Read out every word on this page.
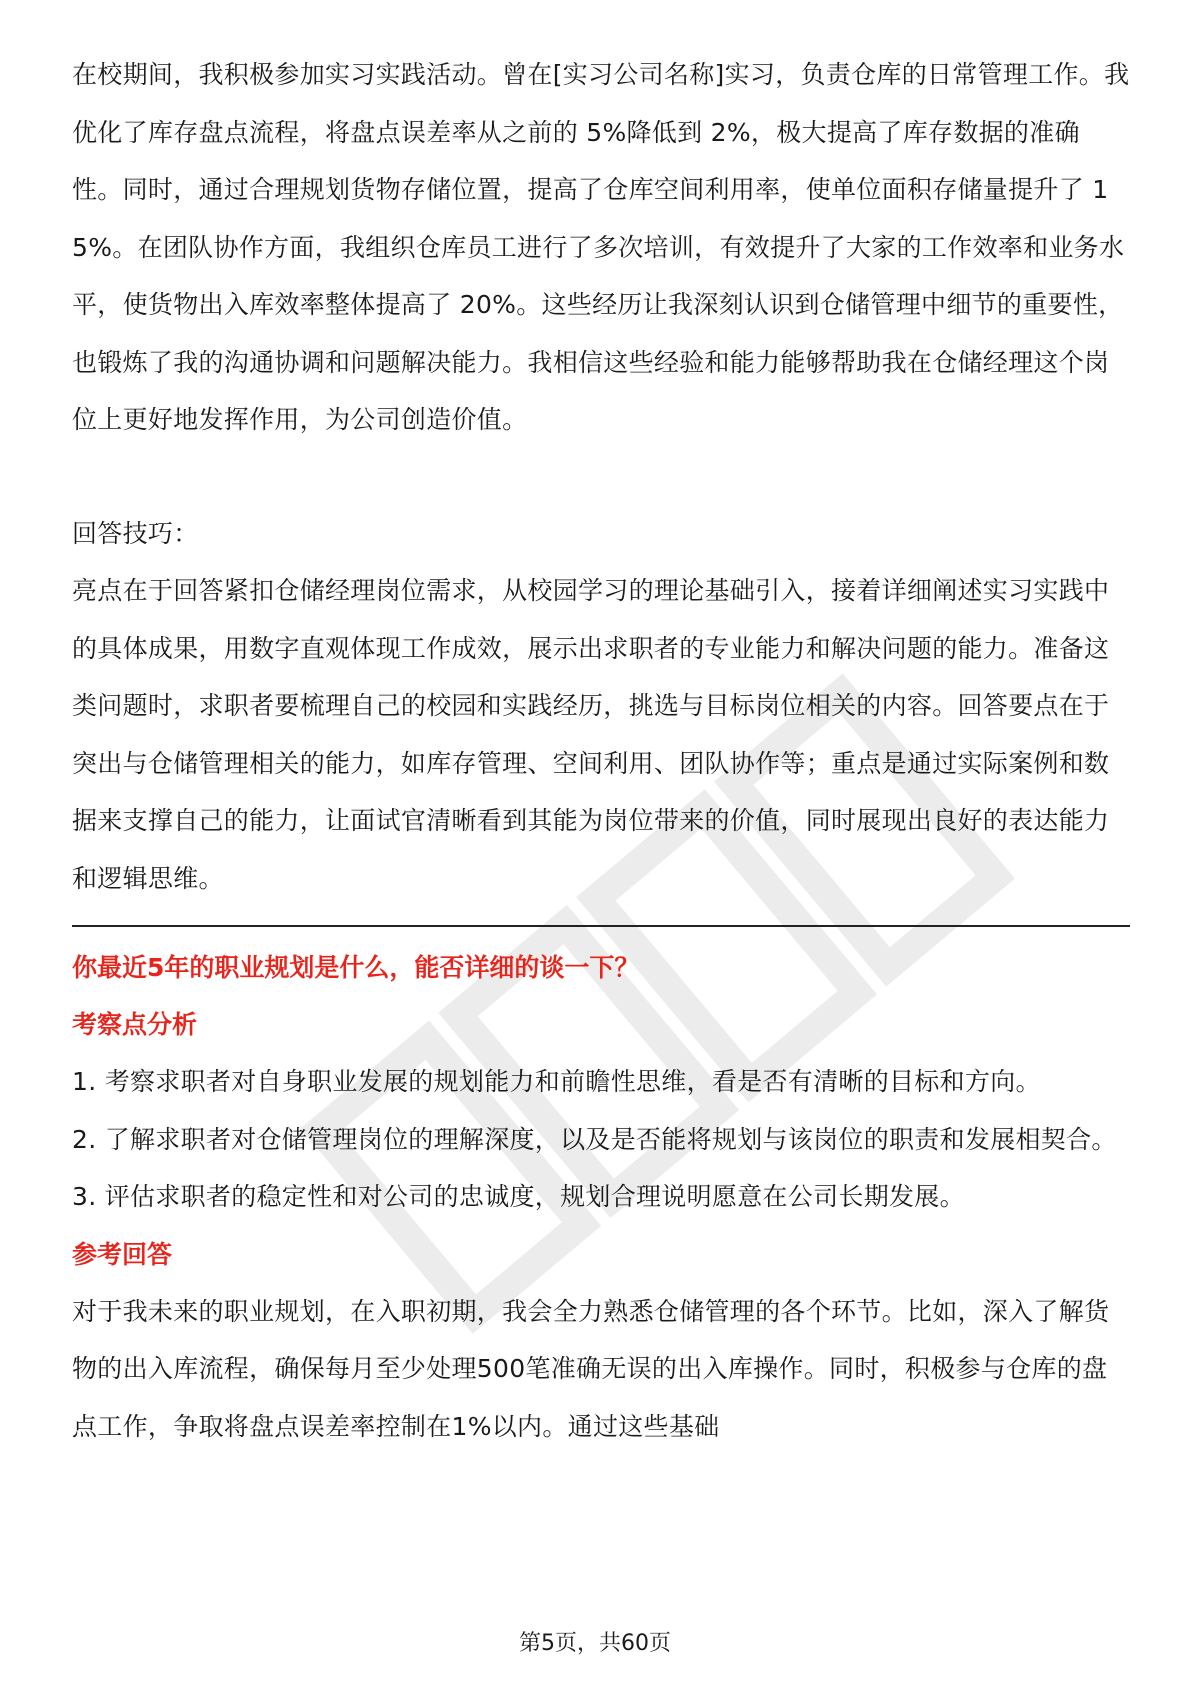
在校期间，我积极参加实习实践活动。曾在[实习公司名称]实习，负责仓库的日常管理工作。我优化了库存盘点流程，将盘点误差率从之前的 5%降低到 2%，极大提高了库存数据的准确性。同时，通过合理规划货物存储位置，提高了仓库空间利用率，使单位面积存储量提升了 15%。在团队协作方面，我组织仓库员工进行了多次培训，有效提升了大家的工作效率和业务水平，使货物出入库效率整体提高了 20%。这些经历让我深刻认识到仓储管理中细节的重要性，也锻炼了我的沟通协调和问题解决能力。我相信这些经验和能力能够帮助我在仓储经理这个岗位上更好地发挥作用，为公司创造价值。

回答技巧：

亮点在于回答紧扣仓储经理岗位需求，从校园学习的理论基础引入，接着详细阐述实习实践中的具体成果，用数字直观体现工作成效，展示出求职者的专业能力和解决问题的能力。准备这类问题时，求职者要梳理自己的校园和实践经历，挑选与目标岗位相关的内容。回答要点在于突出与仓储管理相关的能力，如库存管理、空间利用、团队协作等；重点是通过实际案例和数据来支撑自己的能力，让面试官清晰看到其能为岗位带来的价值，同时展现出良好的表达能力和逻辑思维。

你最近5年的职业规划是什么，能否详细的谈一下？

考察点分析

1. 考察求职者对自身职业发展的规划能力和前瞻性思维，看是否有清晰的目标和方向。

2. 了解求职者对仓储管理岗位的理解深度，以及是否能将规划与该岗位的职责和发展相契合。

3. 评估求职者的稳定性和对公司的忠诚度，规划合理说明愿意在公司长期发展。

参考回答

对于我未来的职业规划，在入职初期，我会全力熟悉仓储管理的各个环节。比如，深入了解货物的出入库流程，确保每月至少处理500笔准确无误的出入库操作。同时，积极参与仓库的盘点工作，争取将盘点误差率控制在1%以内。通过这些基础

第5页，共60页
